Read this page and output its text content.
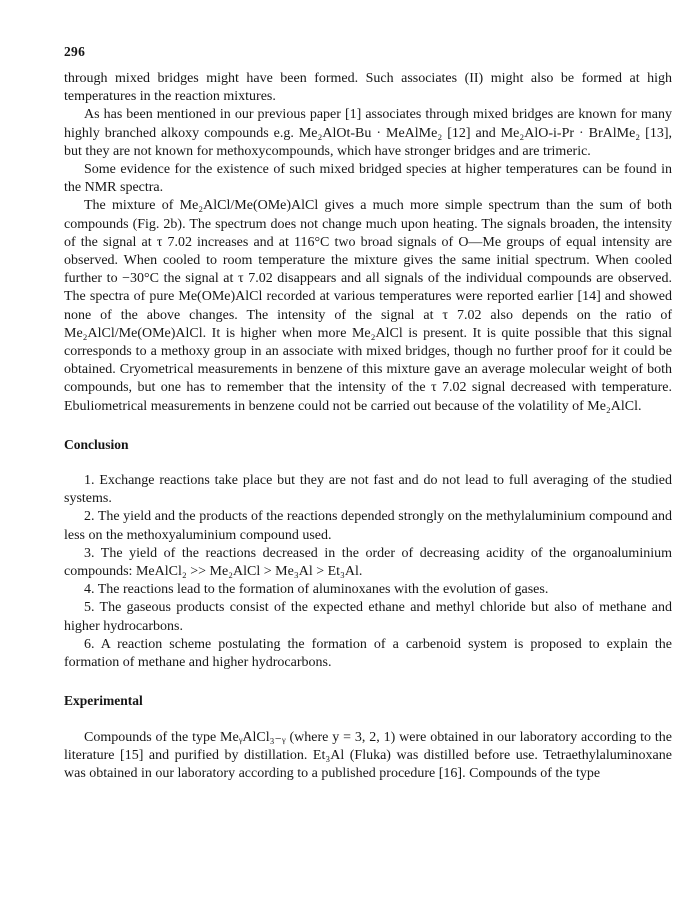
296

through mixed bridges might have been formed. Such associates (II) might also be formed at high temperatures in the reaction mixtures.

As has been mentioned in our previous paper [1] associates through mixed bridges are known for many highly branched alkoxy compounds e.g. Me₂AlOt-Bu · MeAlMe₂ [12] and Me₂AlO-i-Pr · BrAlMe₂ [13], but they are not known for methoxycompounds, which have stronger bridges and are trimeric.

Some evidence for the existence of such mixed bridged species at higher temperatures can be found in the NMR spectra.

The mixture of Me₂AlCl/Me(OMe)AlCl gives a much more simple spectrum than the sum of both compounds (Fig. 2b). The spectrum does not change much upon heating. The signals broaden, the intensity of the signal at τ 7.02 increases and at 116°C two broad signals of O—Me groups of equal intensity are observed. When cooled to room temperature the mixture gives the same initial spectrum. When cooled further to −30°C the signal at τ 7.02 disappears and all signals of the individual compounds are observed. The spectra of pure Me(OMe)AlCl recorded at various temperatures were reported earlier [14] and showed none of the above changes. The intensity of the signal at τ 7.02 also depends on the ratio of Me₂AlCl/Me(OMe)AlCl. It is higher when more Me₂AlCl is present. It is quite possible that this signal corresponds to a methoxy group in an associate with mixed bridges, though no further proof for it could be obtained. Cryometrical measurements in benzene of this mixture gave an average molecular weight of both compounds, but one has to remember that the intensity of the τ 7.02 signal decreased with temperature. Ebuliometrical measurements in benzene could not be carried out because of the volatility of Me₂AlCl.

Conclusion

1. Exchange reactions take place but they are not fast and do not lead to full averaging of the studied systems.

2. The yield and the products of the reactions depended strongly on the methylaluminium compound and less on the methoxyaluminium compound used.

3. The yield of the reactions decreased in the order of decreasing acidity of the organoaluminium compounds: MeAlCl₂ >> Me₂AlCl > Me₃Al > Et₃Al.

4. The reactions lead to the formation of aluminoxanes with the evolution of gases.

5. The gaseous products consist of the expected ethane and methyl chloride but also of methane and higher hydrocarbons.

6. A reaction scheme postulating the formation of a carbenoid system is proposed to explain the formation of methane and higher hydrocarbons.

Experimental

Compounds of the type MeᵧAlCl₃₋ᵧ (where y = 3, 2, 1) were obtained in our laboratory according to the literature [15] and purified by distillation. Et₃Al (Fluka) was distilled before use. Tetraethylaluminoxane was obtained in our laboratory according to a published procedure [16]. Compounds of the type
